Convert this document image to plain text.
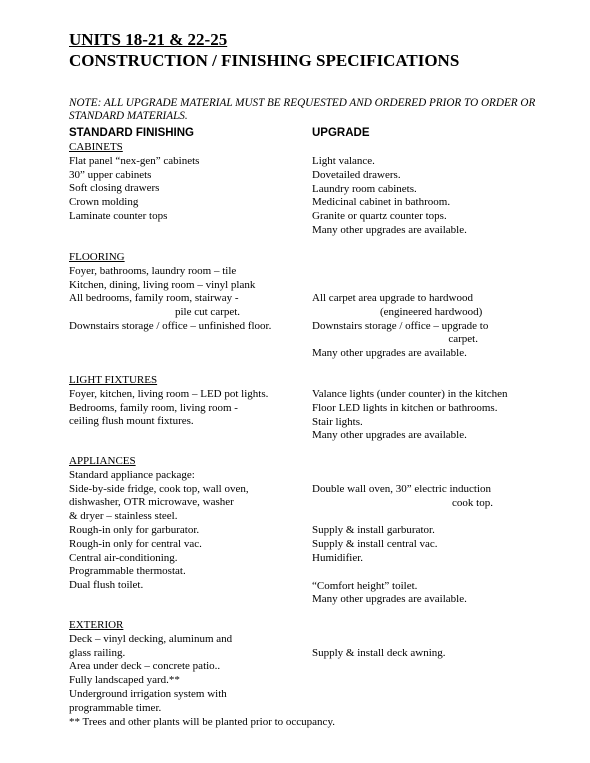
UNITS 18-21 & 22-25
CONSTRUCTION / FINISHING SPECIFICATIONS

NOTE: ALL UPGRADE MATERIAL MUST BE REQUESTED AND ORDERED PRIOR TO ORDER OR STANDARD MATERIALS.

STANDARD FINISHING	UPGRADE
CABINETS
Flat panel “nex-gen” cabinets
30” upper cabinets
Soft closing drawers
Crown molding
Laminate counter tops
Light valance.
Dovetailed drawers.
Laundry room cabinets.
Medicinal cabinet in bathroom.
Granite or quartz counter tops.
Many other upgrades are available.
FLOORING
Foyer, bathrooms, laundry room – tile
Kitchen, dining, living room – vinyl plank
All bedrooms, family room, stairway -
pile cut carpet.
Downstairs storage / office – unfinished floor.
All carpet area upgrade to hardwood
(engineered hardwood)
Downstairs storage / office – upgrade to
carpet.
Many other upgrades are available.
LIGHT FIXTURES
Foyer, kitchen, living room – LED pot lights.
Bedrooms, family room, living room -
ceiling flush mount fixtures.
Valance lights (under counter) in the kitchen
Floor LED lights in kitchen or bathrooms.
Stair lights.
Many other upgrades are available.
APPLIANCES
Standard appliance package:
Side-by-side fridge, cook top, wall oven,
dishwasher, OTR microwave, washer
& dryer – stainless steel.
Rough-in only for garburator.
Rough-in only for central vac.
Central air-conditioning.
Programmable thermostat.
Dual flush toilet.
Double wall oven, 30” electric induction
cook top.
Supply & install garburator.
Supply & install central vac.
Humidifier.
“Comfort height” toilet.
Many other upgrades are available.
EXTERIOR
Deck – vinyl decking, aluminum and
glass railing.
Area under deck – concrete patio..
Fully landscaped yard.**
Underground irrigation system with
programmable timer.
Supply & install deck awning.
** Trees and other plants will be planted prior to occupancy.
